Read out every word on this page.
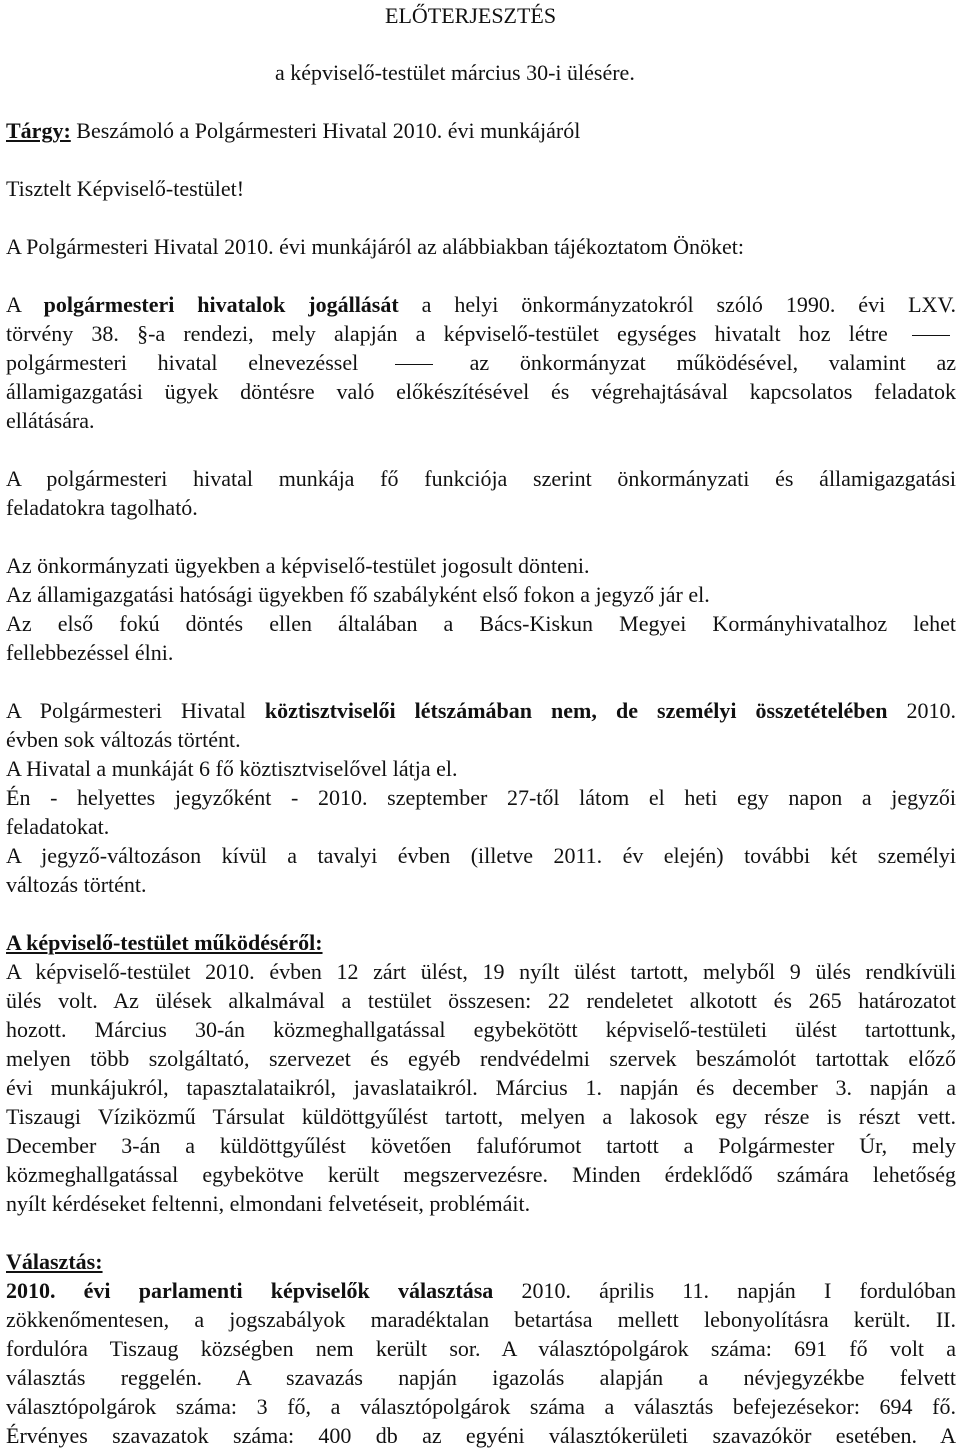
ELŐTERJESZTÉS
a képviselő-testület március 30-i ülésére.
Tárgy: Beszámoló a Polgármesteri Hivatal 2010. évi munkájáról
Tisztelt Képviselő-testület!
A Polgármesteri Hivatal 2010. évi munkájáról az alábbiakban tájékoztatom Önöket:
A polgármesteri hivatalok jogállását a helyi önkormányzatokról szóló 1990. évi LXV.
törvény 38. §-a rendezi, mely alapján a képviselő-testület egységes hivatalt hoz létre
polgármesteri hivatal elnevezéssel	az önkormányzat működésével, valamint az
államigazgatási ügyek döntésre való előkészítésével és végrehajtásával kapcsolatos feladatok
ellátására.
A polgármesteri hivatal munkája fő funkciója szerint önkormányzati és államigazgatási
feladatokra tagolható.
Az önkormányzati ügyekben a képviselő-testület jogosult dönteni.
Az államigazgatási hatósági ügyekben fő szabályként első fokon a jegyző jár el.
Az első fokú döntés ellen általában a Bács-Kiskun Megyei Kormányhivatalhoz lehet
fellebbezéssel élni.
A Polgármesteri Hivatal köztisztviselői létszámában nem, de személyi összetételében 2010.
évben sok változás történt.
A Hivatal a munkáját 6 fő köztisztviselővel látja el.
Én - helyettes jegyzőként - 2010. szeptember 27-től látom el heti egy napon a jegyzői
feladatokat.
A jegyző-változáson kívül a tavalyi évben (illetve 2011. év elején) további két személyi
változás történt.
A képviselő-testület működéséről:
A képviselő-testület 2010. évben 12 zárt ülést, 19 nyílt ülést tartott, melyből 9 ülés rendkívüli
ülés volt. Az ülések alkalmával a testület összesen: 22 rendeletet alkotott és 265 határozatot
hozott. Március 30-án közmeghallgatással egybekötött képviselő-testületi ülést tartottunk,
melyen több szolgáltató, szervezet és egyéb rendvédelmi szervek beszámolót tartottak előző
évi munkájukról, tapasztalataikról, javaslataikról. Március 1. napján és december 3. napján a
Tiszaugi Víziközmű Társulat küldöttgyűlést tartott, melyen a lakosok egy része is részt vett.
December 3-án a küldöttgyűlést követően falufórumot tartott a Polgármester Úr, mely
közmeghallgatással egybekötve került megszervezésre. Minden érdeklődő számára lehetőség
nyílt kérdéseket feltenni, elmondani felvetéseit, problémáit.
Választás:
2010. évi parlamenti képviselők választása 2010. április 11. napján I fordulóban
zökkenőmentesen, a jogszabályok maradéktalan betartása mellett lebonyolításra került. II.
fordulóra Tiszaug községben nem került sor. A választópolgárok száma: 691 fő volt a
választás reggelén. A szavazás napján igazolás alapján a névjegyzékbe felvett
választópolgárok száma: 3 fő, a választópolgárok száma a választás befejezésekor: 694 fő.
Érvényes szavazatok száma: 400 db az egyéni választókerületi szavazókör esetében. A
